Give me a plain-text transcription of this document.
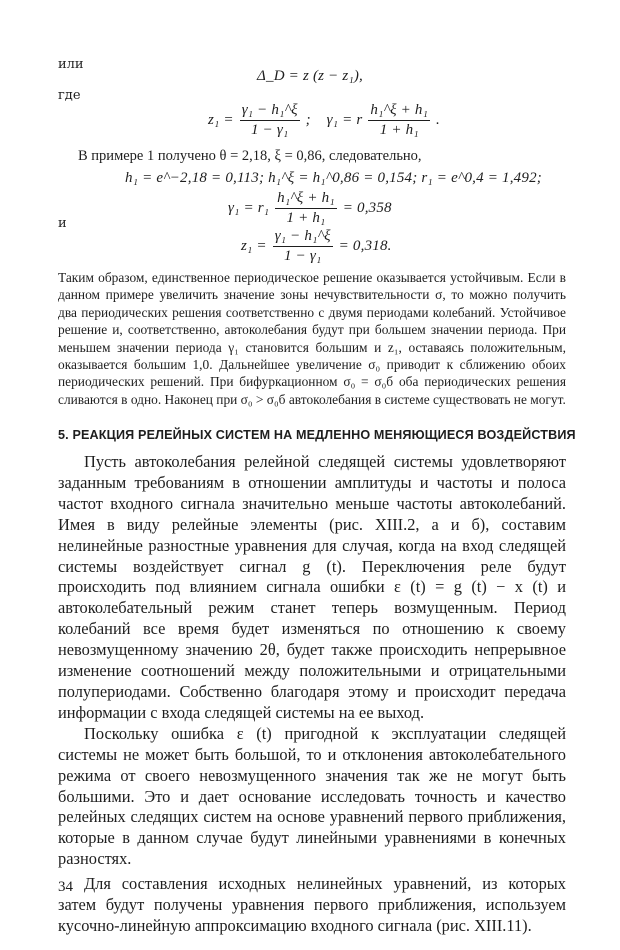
или
Δ_D = z (z − z₁),
где
$z_1 = \frac{\text{γ₁ − h₁\textasciicircum{}ξ}}{\text{1 − γ₁}}$ ; γ₁ = r $\frac{\text{h₁\textasciicircum{}ξ + h₁}}{\text{1 + h₁}}$ .
В примере 1 получено θ = 2,18, ξ = 0,86, следовательно,
h₁ = e^−2,18 = 0,113; h₁^ξ = h₁^0,86 = 0,154; r₁ = e^0,4 = 1,492;
$\gamma_1 = r_1 \frac{\text{h₁\textasciicircum{}ξ + h₁}}{\text{1 + h₁}} = 0,358$
и
$z_1 = \frac{\text{γ₁ − h₁\textasciicircum{}ξ}}{\text{1 − γ₁}} = 0,318$.

Таким образом, единственное периодическое решение оказывается устойчивым. Если в данном примере увеличить значение зоны нечувствительности σ, то можно получить два периодических решения соответственно с двумя периодами колебаний. Устойчивое решение и, соответственно, автоколебания будут при большем значении периода. При меньшем значении периода γ₁ становится большим и z₁, оставаясь положительным, оказывается большим 1,0. Дальнейшее увеличение σ₀ приводит к сближению обоих периодических решений. При бифуркационном σ₀ = σ₀б оба периодических решения сливаются в одно. Наконец при σ₀ > σ₀б автоколебания в системе существовать не могут.

5. РЕАКЦИЯ РЕЛЕЙНЫХ СИСТЕМ НА МЕДЛЕННО МЕНЯЮЩИЕСЯ ВОЗДЕЙСТВИЯ

Пусть автоколебания релейной следящей системы удовлетворяют заданным требованиям в отношении амплитуды и частоты и полоса частот входного сигнала значительно меньше частоты автоколебаний. Имея в виду релейные элементы (рис. XIII.2, а и б), составим нелинейные разностные уравнения для случая, когда на вход следящей системы воздействует сигнал g (t). Переключения реле будут происходить под влиянием сигнала ошибки ε (t) = g (t) − x (t) и автоколебательный режим станет теперь возмущенным. Период колебаний все время будет изменяться по отношению к своему невозмущенному значению 2θ, будет также происходить непрерывное изменение соотношений между положительными и отрицательными полупериодами. Собственно благодаря этому и происходит передача информации с входа следящей системы на ее выход.

Поскольку ошибка ε (t) пригодной к эксплуатации следящей системы не может быть большой, то и отклонения автоколебательного режима от своего невозмущенного значения так же не могут быть большими. Это и дает основание исследовать точность и качество релейных следящих систем на основе уравнений первого приближения, которые в данном случае будут линейными уравнениями в конечных разностях.

Для составления исходных нелинейных уравнений, из которых затем будут получены уравнения первого приближения, используем кусочно-линейную аппроксимацию входного сигнала (рис. XIII.11).

34
